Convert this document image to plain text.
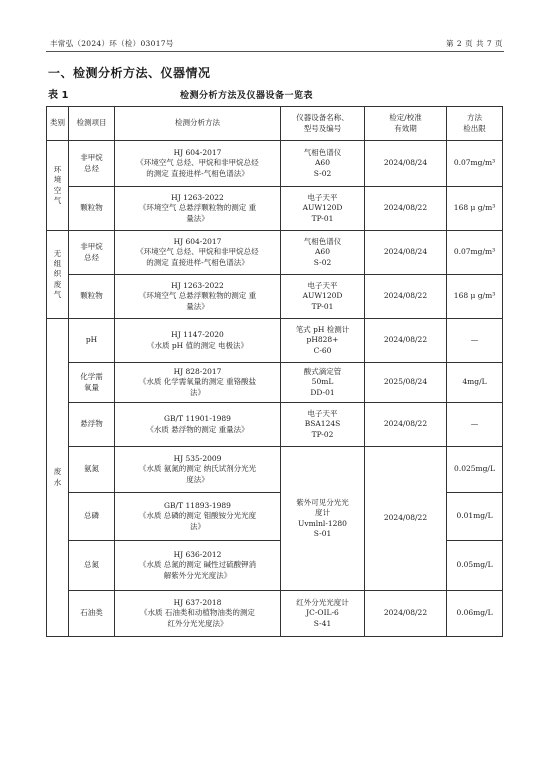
丰常弘（2024）环（检）03017号	第 2 页 共 7 页
一、检测分析方法、仪器情况
表 1	检测分析方法及仪器设备一览表
类别	检测项目	检测分析方法	仪器设备名称、
型号及编号	检定/校准
有效期	方法
检出限

环
境
空
气	非甲烷
总烃	HJ 604-2017
《环境空气 总烃、甲烷和非甲烷总烃
的测定 直接进样-气相色谱法》	气相色谱仪
A60
S-02	2024/08/24	0.07mg/m³

	颗粒物	HJ 1263-2022
《环境空气 总悬浮颗粒物的测定 重
量法》	电子天平
AUW120D
TP-01	2024/08/22	168 μ g/m³

无
组
织
废
气	非甲烷
总烃	HJ 604-2017
《环境空气 总烃、甲烷和非甲烷总烃
的测定 直接进样-气相色谱法》	气相色谱仪
A60
S-02	2024/08/24	0.07mg/m³

	颗粒物	HJ 1263-2022
《环境空气 总悬浮颗粒物的测定 重
量法》	电子天平
AUW120D
TP-01	2024/08/22	168 μ g/m³

废
水	pH	HJ 1147-2020
《水质 pH 值的测定 电极法》	笔式 pH 检测计
pH828+
C-60	2024/08/22	—

	化学需
氧量	HJ 828-2017
《水质 化学需氧量的测定 重铬酸盐
法》	酸式滴定管
50mL
DD-01	2025/08/24	4mg/L

	悬浮物	GB/T 11901-1989
《水质 悬浮物的测定 重量法》	电子天平
BSA124S
TP-02	2024/08/22	—

	氨氮	HJ 535-2009
《水质 氨氮的测定 纳氏试剂分光光
度法》	紫外可见分光光
度计
Uvmlnl-1280
S-01	2024/08/22	0.025mg/L

	总磷	GB/T 11893-1989
《水质 总磷的测定 钼酸铵分光光度
法》			0.01mg/L

	总氮	HJ 636-2012
《水质 总氮的测定 碱性过硫酸钾消
解紫外分光光度法》			0.05mg/L

	石油类	HJ 637-2018
《水质 石油类和动植物油类的测定
红外分光光度法》	红外分光光度计
JC-OIL-6
S-41	2024/08/22	0.06mg/L
